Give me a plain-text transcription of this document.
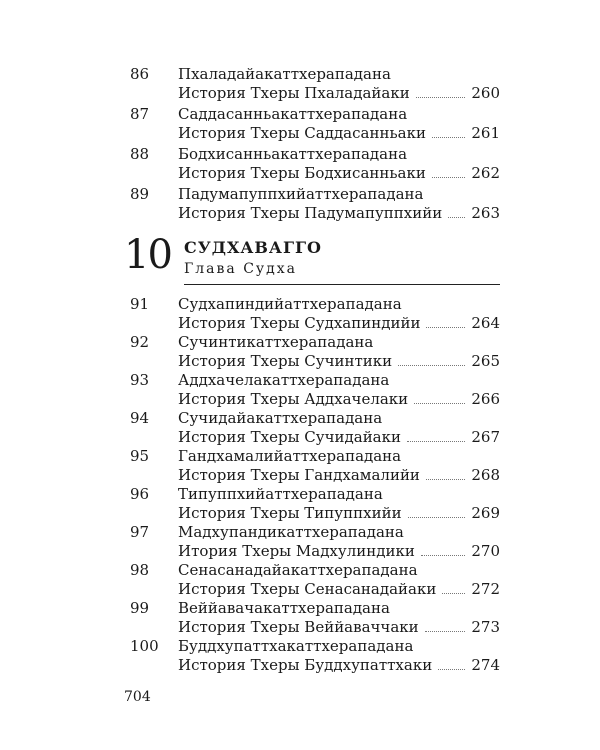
86 Пхаладайакаттхерападана
История Тхеры Пхаладайаки	260
87 Саддасанньакаттхерападана
История Тхеры Саддасанньаки	261
88 Бодхисанньакаттхерападана
История Тхеры Бодхисанньаки	262
89 Падумапуппхийаттхерападана
История Тхеры Падумапуппхийи 263
10 СУДХАВАГГО
Глава Судха
91 Судхапиндийаттхерападана
История Тхеры Судхапиндийи	264
92 Сучинтикаттхерападана
История Тхеры Сучинтики	265
93 Аддхачелакаттхерападана
История Тхеры Аддхачелаки	266
94 Сучидайакаттхерападана
История Тхеры Сучидайаки	267
95 Гандхамалийаттхерападана
История Тхеры Гандхамалийи	268
96 Типуппхийаттхерападана
История Тхеры Типуппхийи	269
97 Мадхупандикаттхерападана
Итория Тхеры Мадхулиндики	270
98 Сенасанадайакаттхерападана
История Тхеры Сенасанадайаки 272
99 Веййавачакаттхерападана
История Тхеры Веййаваччаки	273
100 Буддхупаттхакаттхерападана
История Тхеры Буддхупаттхаки	274
704
